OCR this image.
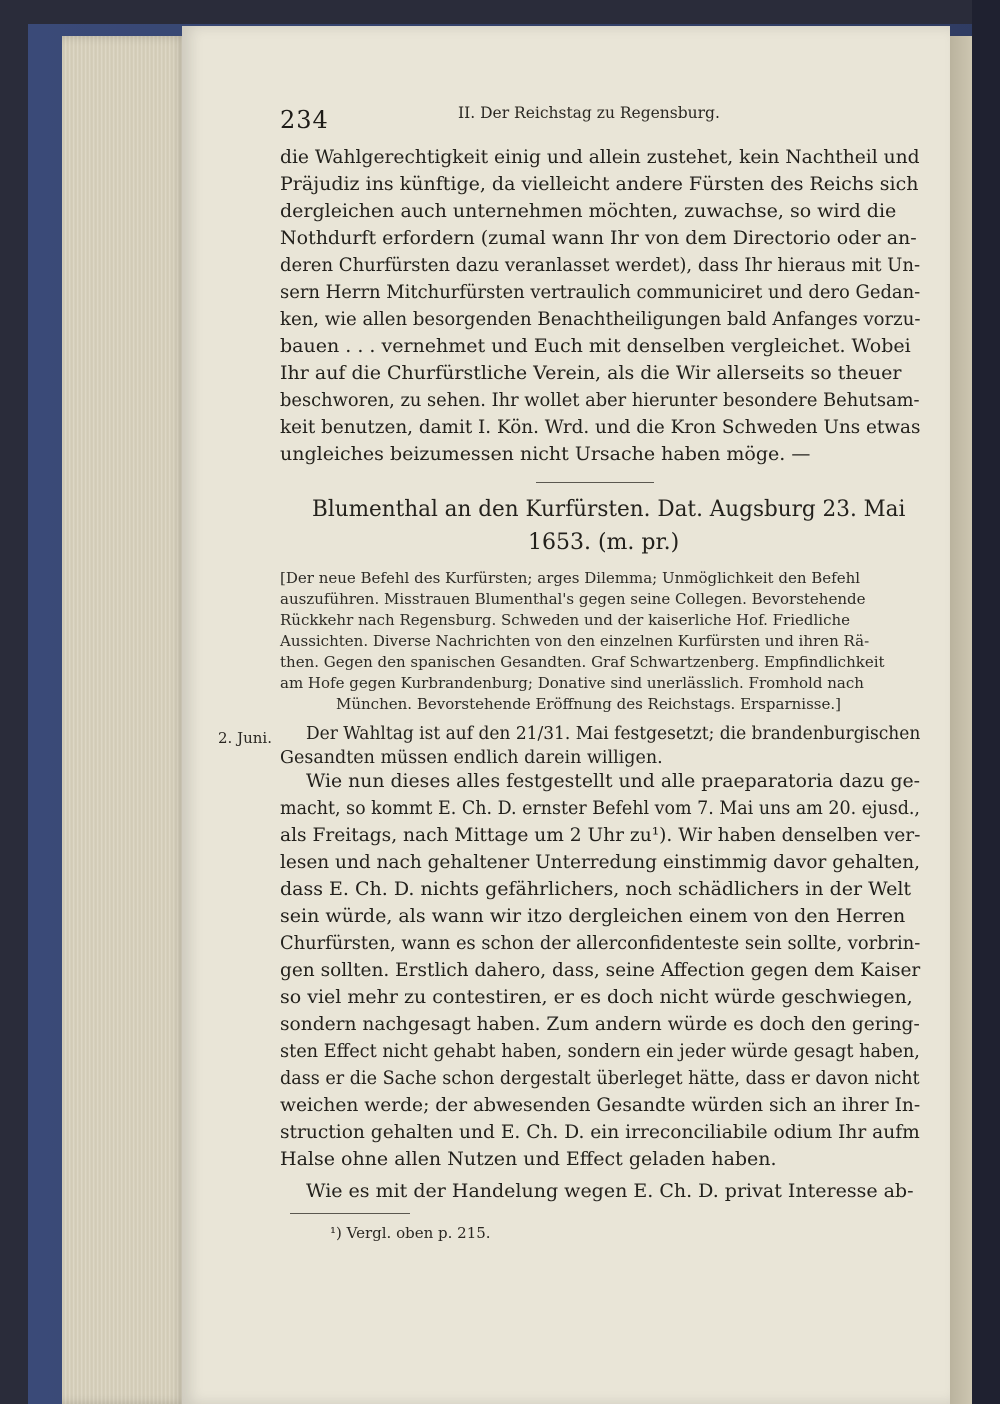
234	II. Der Reichstag zu Regensburg.
die Wahlgerechtigkeit einig und allein zustehet, kein Nachtheil und
Präjudiz ins künftige, da vielleicht andere Fürsten des Reichs sich
dergleichen auch unternehmen möchten, zuwachse, so wird die
Nothdurft erfordern (zumal wann Ihr von dem Directorio oder an-
deren Churfürsten dazu veranlasset werdet), dass Ihr hieraus mit Un-
sern Herrn Mitchurfürsten vertraulich communiciret und dero Gedan-
ken, wie allen besorgenden Benachtheiligungen bald Anfanges vorzu-
bauen . . . vernehmet und Euch mit denselben vergleichet. Wobei
Ihr auf die Churfürstliche Verein, als die Wir allerseits so theuer
beschworen, zu sehen. Ihr wollet aber hierunter besondere Behutsam-
keit benutzen, damit I. Kön. Wrd. und die Kron Schweden Uns etwas
ungleiches beizumessen nicht Ursache haben möge. —
Blumenthal an den Kurfürsten. Dat. Augsburg 23. Mai
1653. (m. pr.)
[Der neue Befehl des Kurfürsten; arges Dilemma; Unmöglichkeit den Befehl
auszuführen. Misstrauen Blumenthal's gegen seine Collegen. Bevorstehende
Rückkehr nach Regensburg. Schweden und der kaiserliche Hof. Friedliche
Aussichten. Diverse Nachrichten von den einzelnen Kurfürsten und ihren Rä-
then. Gegen den spanischen Gesandten. Graf Schwartzenberg. Empfindlichkeit
am Hofe gegen Kurbrandenburg; Donative sind unerlässlich. Fromhold nach
München. Bevorstehende Eröffnung des Reichstags. Ersparnisse.]
2. Juni. Der Wahltag ist auf den 21/31. Mai festgesetzt; die brandenburgischen
Gesandten müssen endlich darein willigen.
Wie nun dieses alles festgestellt und alle praeparatoria dazu ge-
macht, so kommt E. Ch. D. ernster Befehl vom 7. Mai uns am 20. ejusd.,
als Freitags, nach Mittage um 2 Uhr zu¹). Wir haben denselben ver-
lesen und nach gehaltener Unterredung einstimmig davor gehalten,
dass E. Ch. D. nichts gefährlichers, noch schädlichers in der Welt
sein würde, als wann wir itzo dergleichen einem von den Herren
Churfürsten, wann es schon der allerconfidenteste sein sollte, vorbrin-
gen sollten. Erstlich dahero, dass, seine Affection gegen dem Kaiser
so viel mehr zu contestiren, er es doch nicht würde geschwiegen,
sondern nachgesagt haben. Zum andern würde es doch den gering-
sten Effect nicht gehabt haben, sondern ein jeder würde gesagt haben,
dass er die Sache schon dergestalt überleget hätte, dass er davon nicht
weichen werde; der abwesenden Gesandte würden sich an ihrer In-
struction gehalten und E. Ch. D. ein irreconciliabile odium Ihr aufm
Halse ohne allen Nutzen und Effect geladen haben.
Wie es mit der Handelung wegen E. Ch. D. privat Interesse ab-
¹) Vergl. oben p. 215.
